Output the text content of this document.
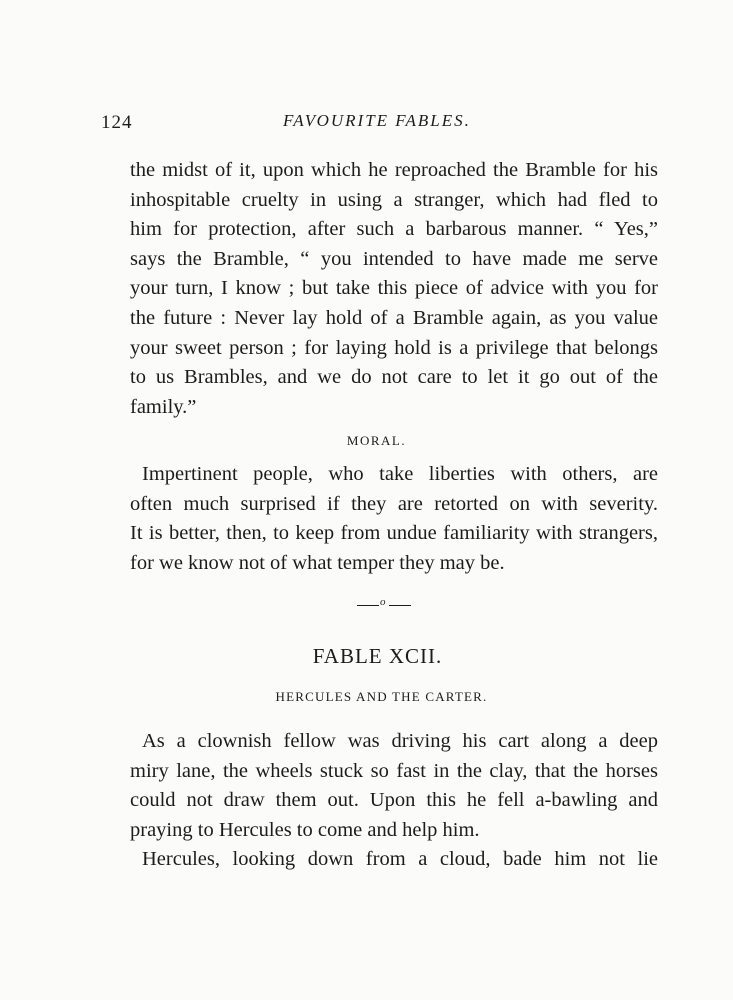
124	FAVOURITE FABLES.
the midst of it, upon which he reproached the Bramble for his
inhospitable cruelty in using a stranger, which had fled to
him for protection, after such a barbarous manner. “ Yes,”
says the Bramble, “ you intended to have made me serve
your turn, I know ; but take this piece of advice with you for
the future : Never lay hold of a Bramble again, as you value
your sweet person ; for laying hold is a privilege that belongs
to us Brambles, and we do not care to let it go out of the
family.”
MORAL.
Impertinent people, who take liberties with others, are
often much surprised if they are retorted on with severity.
It is better, then, to keep from undue familiarity with strangers,
for we know not of what temper they may be.
o
FABLE XCII.
HERCULES AND THE CARTER.
As a clownish fellow was driving his cart along a deep
miry lane, the wheels stuck so fast in the clay, that the horses
could not draw them out. Upon this he fell a-bawling and
praying to Hercules to come and help him.
Hercules, looking down from a cloud, bade him not lie
